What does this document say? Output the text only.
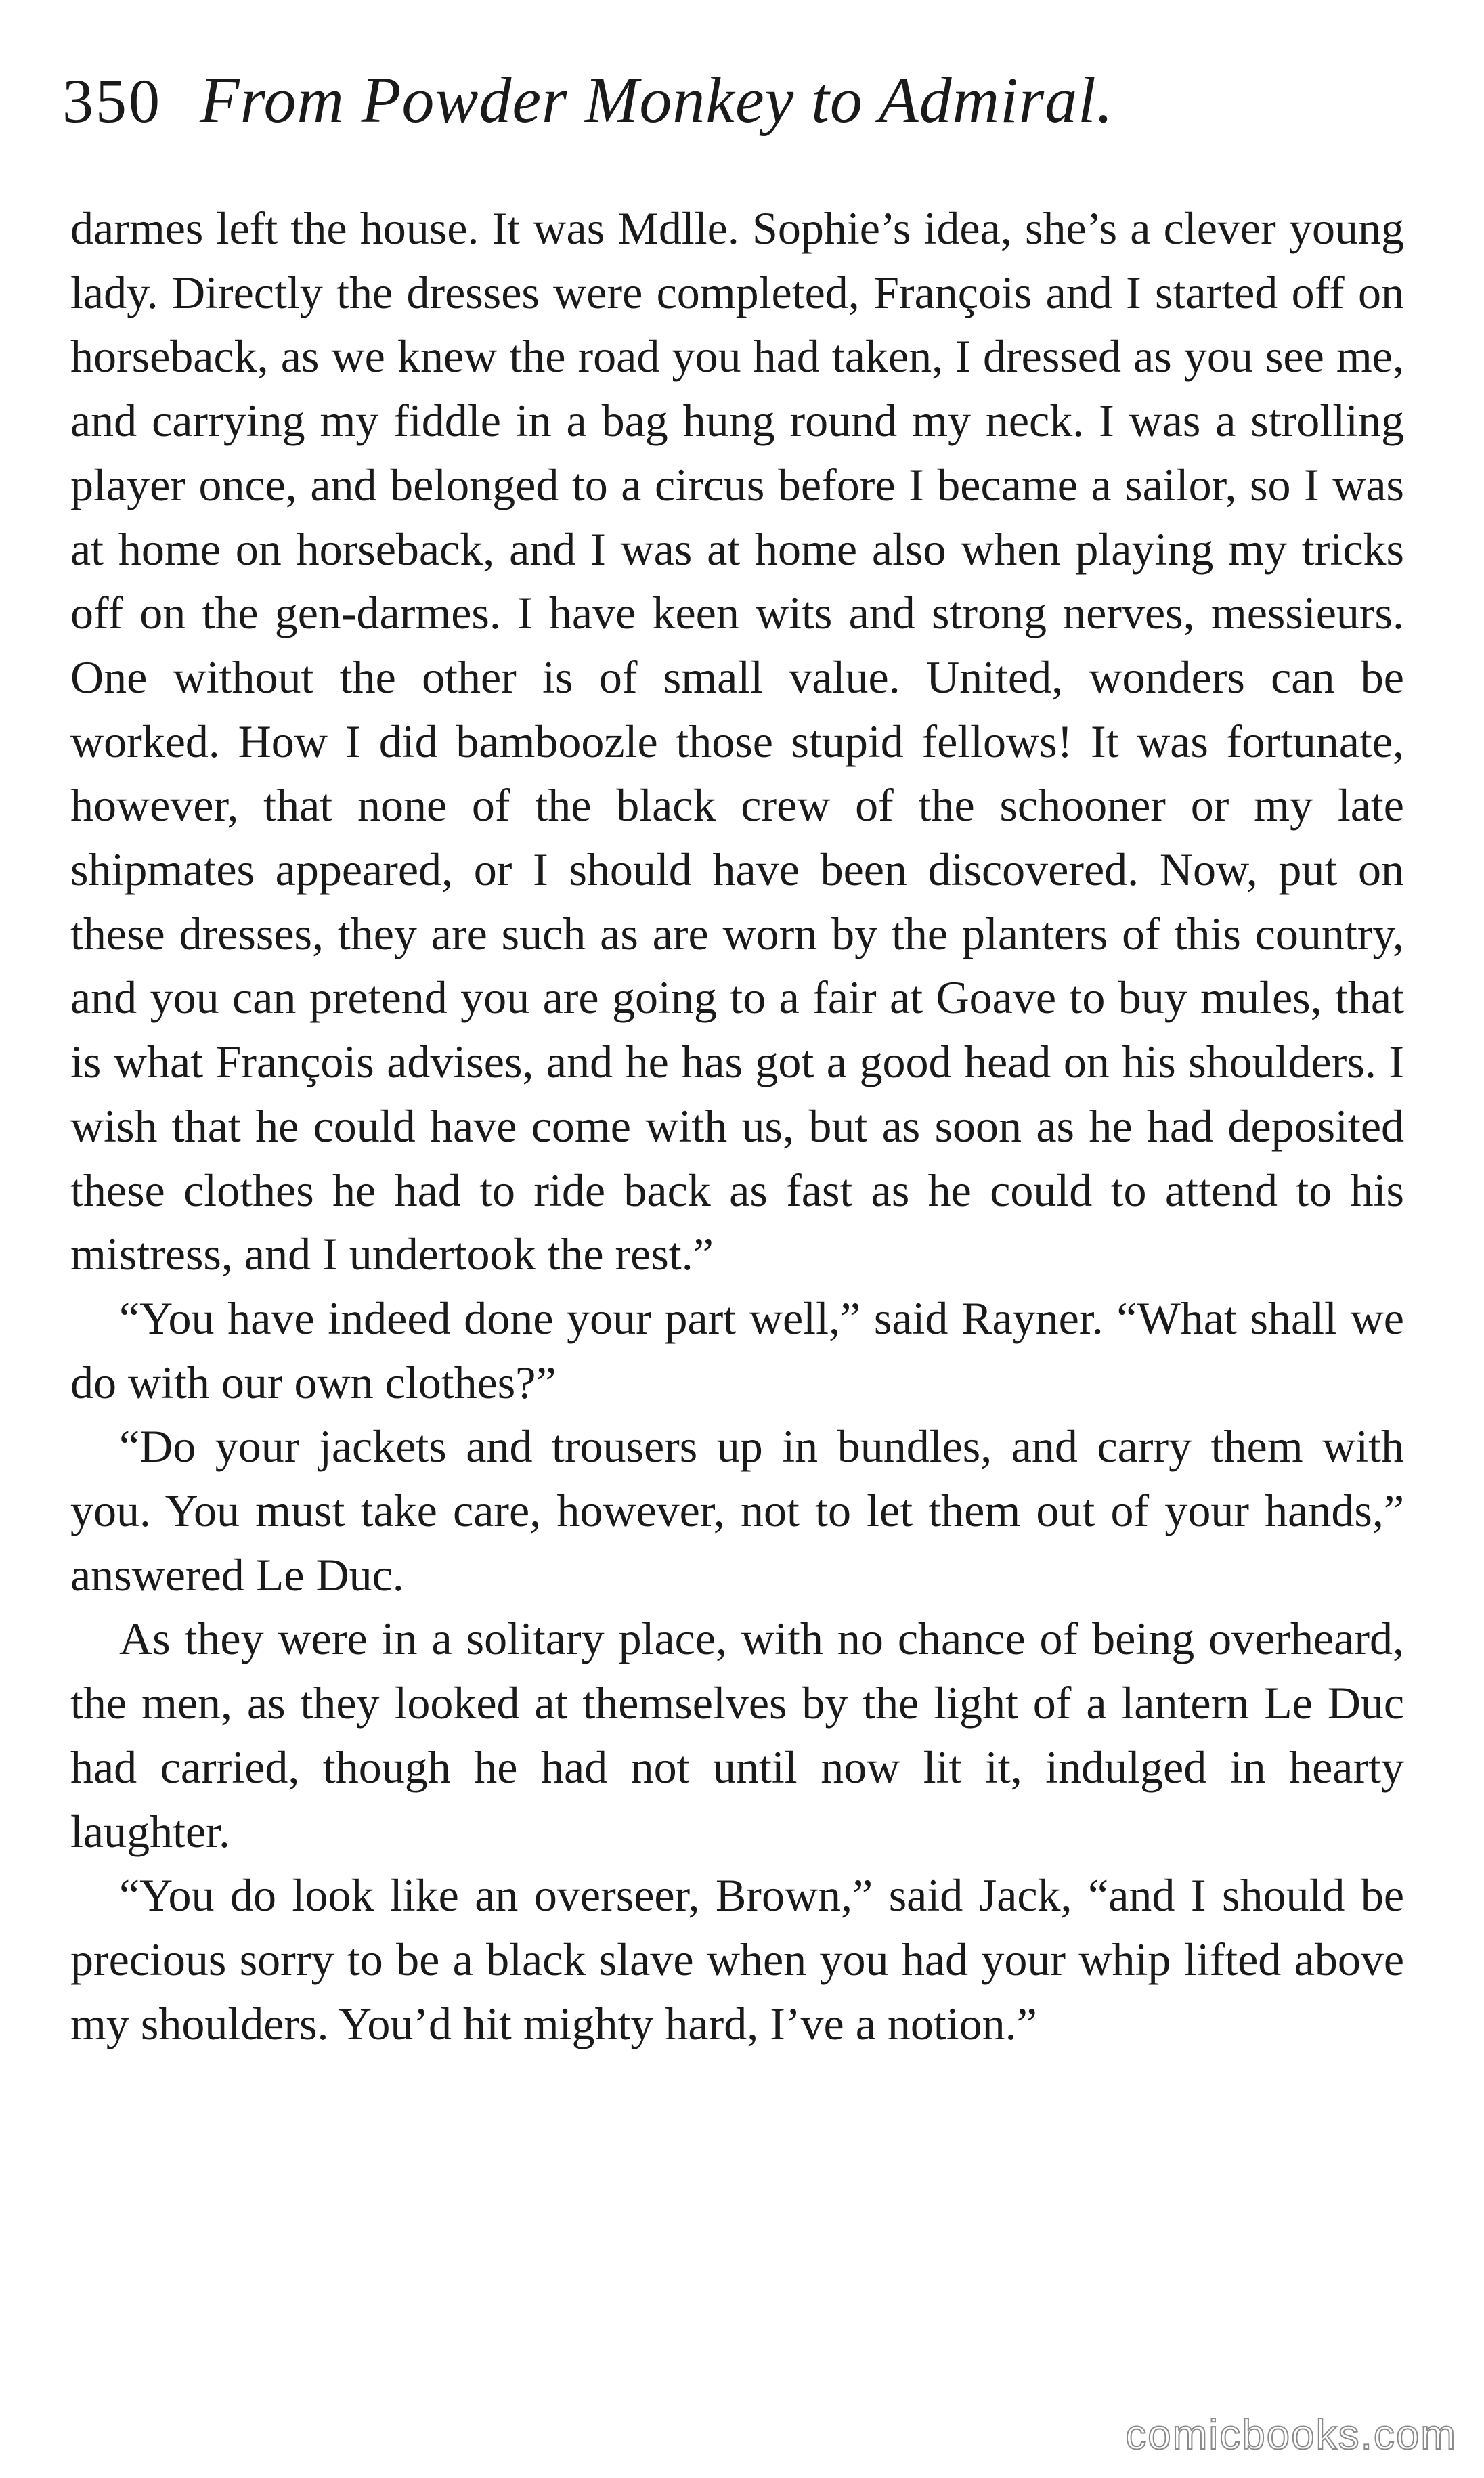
350 From Powder Monkey to Admiral.

darmes left the house. It was Mdlle. Sophie’s idea, she’s a clever young lady. Directly the dresses were completed, François and I started off on horseback, as we knew the road you had taken, I dressed as you see me, and carrying my fiddle in a bag hung round my neck. I was a strolling player once, and belonged to a circus before I became a sailor, so I was at home on horseback, and I was at home also when playing my tricks off on the gen-darmes. I have keen wits and strong nerves, messieurs. One without the other is of small value. United, wonders can be worked. How I did bamboozle those stupid fellows! It was fortunate, however, that none of the black crew of the schooner or my late shipmates appeared, or I should have been discovered. Now, put on these dresses, they are such as are worn by the planters of this country, and you can pretend you are going to a fair at Goave to buy mules, that is what François advises, and he has got a good head on his shoulders. I wish that he could have come with us, but as soon as he had deposited these clothes he had to ride back as fast as he could to attend to his mistress, and I undertook the rest.”

“You have indeed done your part well,” said Rayner. “What shall we do with our own clothes?”

“Do your jackets and trousers up in bundles, and carry them with you. You must take care, however, not to let them out of your hands,” answered Le Duc.

As they were in a solitary place, with no chance of being overheard, the men, as they looked at themselves by the light of a lantern Le Duc had carried, though he had not until now lit it, indulged in hearty laughter.

“You do look like an overseer, Brown,” said Jack, “and I should be precious sorry to be a black slave when you had your whip lifted above my shoulders. You’d hit mighty hard, I’ve a notion.”

comicbooks.com
